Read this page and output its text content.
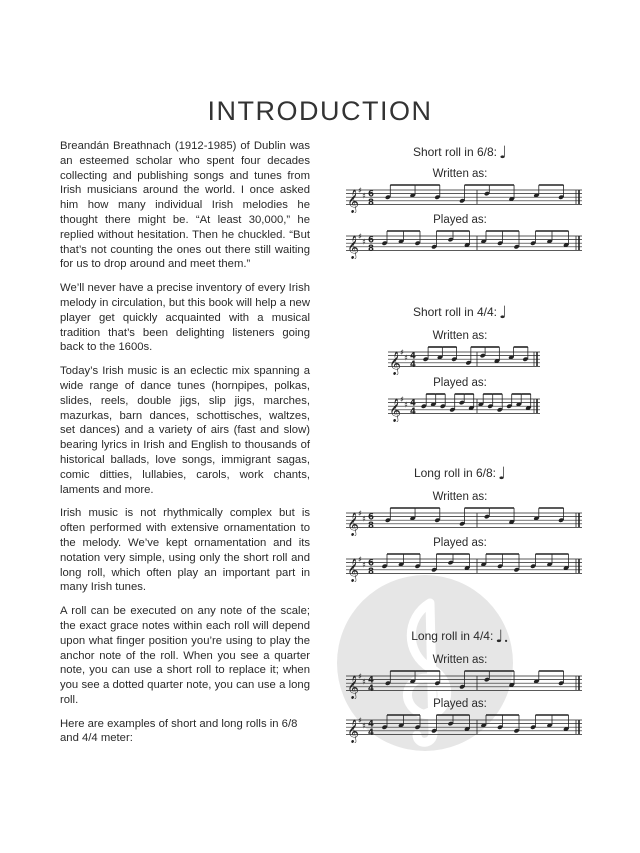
INTRODUCTION

Breandán Breathnach (1912-1985) of Dublin was an esteemed scholar who spent four decades collecting and publishing songs and tunes from Irish musicians around the world. I once asked him how many individual Irish melodies he thought there might be. “At least 30,000,” he replied without hesitation. Then he chuckled. “But that’s not counting the ones out there still waiting for us to drop around and meet them.”

We’ll never have a precise inventory of every Irish melody in circulation, but this book will help a new player get quickly acquainted with a musical tradition that’s been delighting listeners going back to the 1600s.

Today’s Irish music is an eclectic mix spanning a wide range of dance tunes (hornpipes, polkas, slides, reels, double jigs, slip jigs, marches, mazurkas, barn dances, schottisches, waltzes, set dances) and a variety of airs (fast and slow) bearing lyrics in Irish and English to thousands of historical ballads, love songs, immigrant sagas, comic ditties, lullabies, carols, work chants, laments and more.

Irish music is not rhythmically complex but is often performed with extensive ornamentation to the melody. We’ve kept ornamentation and its notation very simple, using only the short roll and long roll, which often play an important part in many Irish tunes.

A roll can be executed on any note of the scale; the exact grace notes within each roll will depend upon what finger position you’re using to play the anchor note of the roll. When you see a quarter note, you can use a short roll to replace it; when you see a dotted quarter note, you can use a long roll.

Here are examples of short and long rolls in 6/8 and 4/4 meter:

Short roll in 6/8: ♩
Written as:
𝄞 ♯
♯ 6
8
Played as:
𝄞 ♯
♯ 6
8
Short roll in 4/4: ♩
Written as:
𝄞 ♯
♯ 4
4
Played as:
𝄞 ♯
♯ 4
4
Long roll in 6/8: ♩
Written as:
𝄞 ♯
♯ 6
8
Played as:
𝄞 ♯
♯ 6
8
Long roll in 4/4: ♩.
Written as:
𝄞 ♯
♯ 4
4
Played as:
𝄞 ♯
♯ 4
4
